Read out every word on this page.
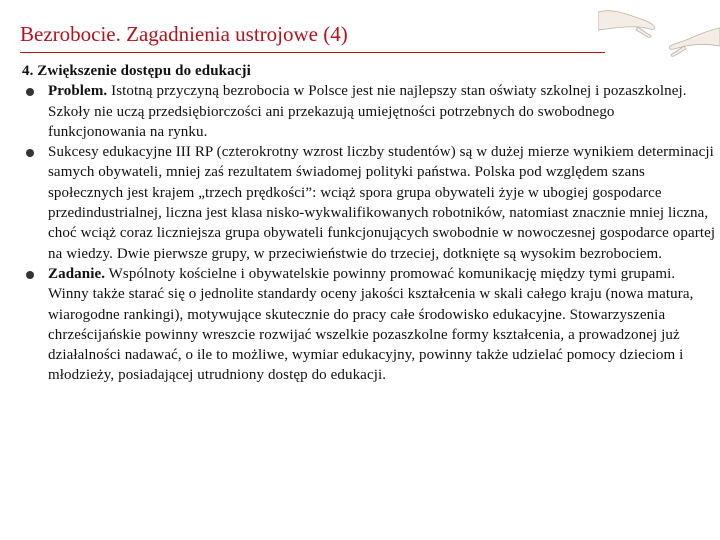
Bezrobocie. Zagadnienia ustrojowe (4)
4. Zwiększenie dostępu do edukacji
Problem. Istotną przyczyną bezrobocia w Polsce jest nie najlepszy stan oświaty szkolnej i pozaszkolnej. Szkoły nie uczą przedsiębiorczości ani przekazują umiejętności potrzebnych do swobodnego funkcjonowania na rynku.
Sukcesy edukacyjne III RP (czterokrotny wzrost liczby studentów) są w dużej mierze wynikiem determinacji samych obywateli, mniej zaś rezultatem świadomej polityki państwa. Polska pod względem szans społecznych jest krajem „trzech prędkości”: wciąż spora grupa obywateli żyje w ubogiej gospodarce przedindustrialnej, liczna jest klasa nisko-wykwalifikowanych robotników, natomiast znacznie mniej liczna, choć wciąż coraz liczniejsza grupa obywateli funkcjonujących swobodnie w nowoczesnej gospodarce opartej na wiedzy. Dwie pierwsze grupy, w przeciwieństwie do trzeciej, dotknięte są wysokim bezrobociem.
Zadanie. Wspólnoty kościelne i obywatelskie powinny promować komunikację między tymi grupami. Winny także starać się o jednolite standardy oceny jakości kształcenia w skali całego kraju (nowa matura, wiarogodne rankingi), motywujące skutecznie do pracy całe środowisko edukacyjne. Stowarzyszenia chrześcijańskie powinny wreszcie rozwijać wszelkie pozaszkolne formy kształcenia, a prowadzonej już działalności nadawać, o ile to możliwe, wymiar edukacyjny, powinny także udzielać pomocy dzieciom i młodzieży, posiadającej utrudniony dostęp do edukacji.
